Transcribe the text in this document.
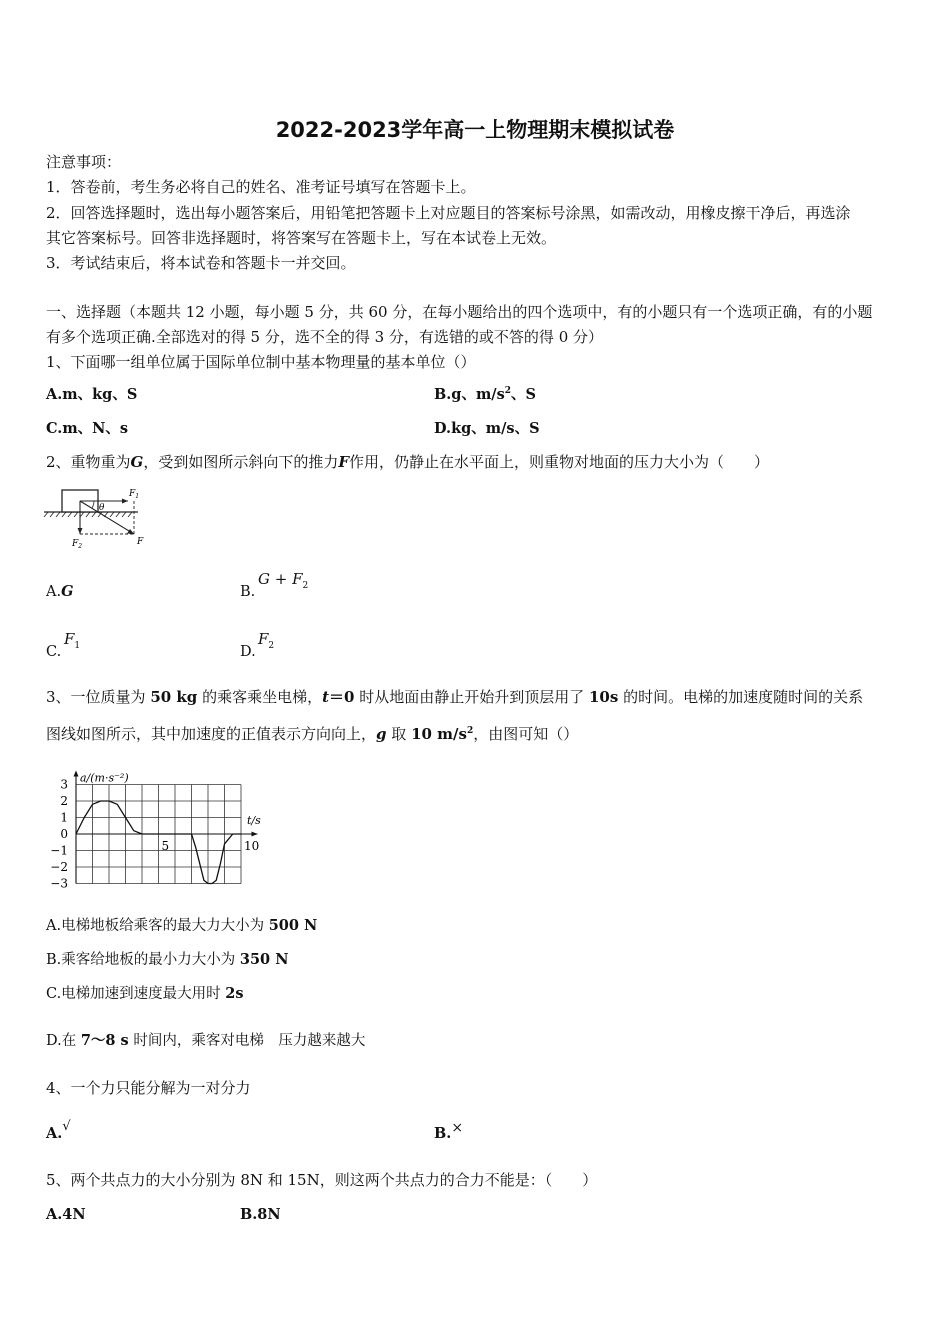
2022-2023学年高一上物理期末模拟试卷
注意事项：
1．答卷前，考生务必将自己的姓名、准考证号填写在答题卡上。
2．回答选择题时，选出每小题答案后，用铅笔把答题卡上对应题目的答案标号涂黑，如需改动，用橡皮擦干净后，再选涂
其它答案标号。回答非选择题时，将答案写在答题卡上，写在本试卷上无效。
3．考试结束后，将本试卷和答题卡一并交回。
一、选择题（本题共 12 小题，每小题 5 分，共 60 分，在每小题给出的四个选项中，有的小题只有一个选项正确，有的小题
有多个选项正确.全部选对的得 5 分，选不全的得 3 分，有选错的或不答的得 0 分）
1、下面哪一组单位属于国际单位制中基本物理量的基本单位（）
A.m、kg、S	B.g、$m/s^2$、S
C.m、N、s	D.kg、m/s、S
2、重物重为G，受到如图所示斜向下的推力F作用，仍静止在水平面上，则重物对地面的压力大小为（　　）
θ
$F_1$
$F_2$	F
A.G	B.
$G + F_2$
C.
$F_1$	D.
$F_2$
3、一位质量为 50 kg 的乘客乘坐电梯，t＝0 时从地面由静止开始升到顶层用了 10s 的时间。电梯的加速度随时间的关系
图线如图所示，其中加速度的正值表示方向向上，g 取 10 $m/s^2$，由图可知（）
3
2
1
0
−1
−2
−3
5	10
a/(m·s⁻²)
t/s
A.电梯地板给乘客的最大力大小为 500 N
B.乘客给地板的最小力大小为 350 N
C.电梯加速到速度最大用时 2s
D.在 7～8 s 时间内，乘客对电梯　压力越来越大
4、一个力只能分解为一对分力
A.√	B.×
5、两个共点力的大小分别为 8N 和 15N，则这两个共点力的合力不能是：（　　）
A.4N	B.8N
